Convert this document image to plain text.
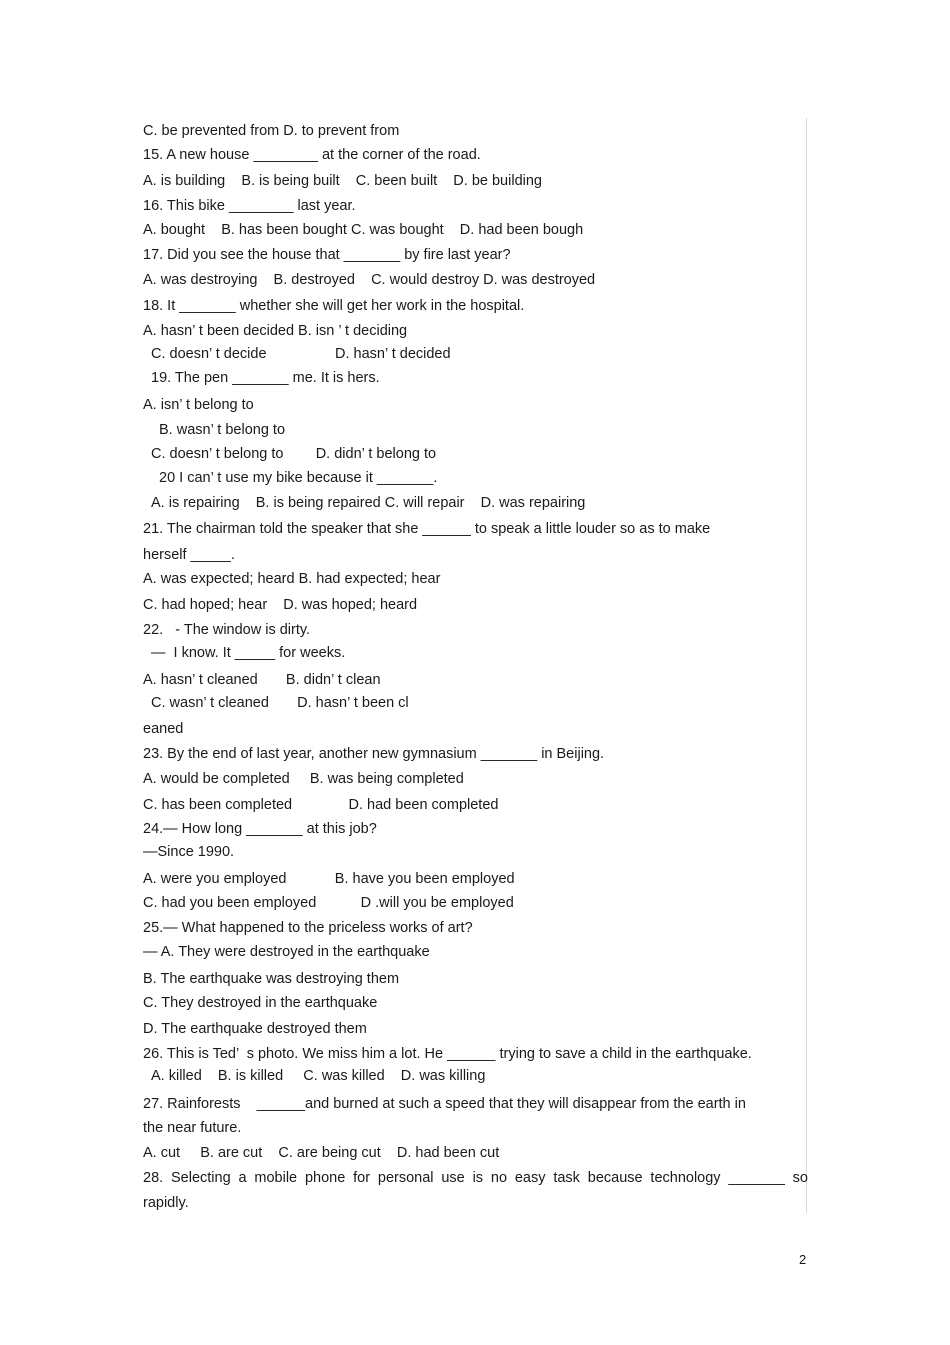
C. be prevented from D. to prevent from
15. A new house ________ at the corner of the road.
A. is building    B. is being built    C. been built    D. be building
16. This bike ________ last year.
A. bought    B. has been bought C. was bought    D. had been bough
17. Did you see the house that _______ by fire last year?
A. was destroying    B. destroyed    C. would destroy D. was destroyed
18. It _______ whether she will get her work in the hospital.
A. hasn’ t been decided B. isn ’ t deciding
C. doesn’ t decide                 D. hasn’ t decided
19. The pen _______ me. It is hers.
A. isn’ t belong to
B. wasn’ t belong to
C. doesn’ t belong to        D. didn’ t belong to
20 I can’ t use my bike because it _______.
A. is repairing    B. is being repaired C. will repair    D. was repairing
21. The chairman told the speaker that she ______ to speak a little louder so as to make
herself _____.
A. was expected; heard B. had expected; hear
C. had hoped; hear    D. was hoped; heard
22.   - The window is dirty.
—  I know. It _____ for weeks.
A. hasn’ t cleaned       B. didn’ t clean
C. wasn’ t cleaned       D. hasn’ t been cl
eaned
23. By the end of last year, another new gymnasium _______ in Beijing.
A. would be completed     B. was being completed
C. has been completed              D. had been completed
24.— How long _______ at this job?
—Since 1990.
A. were you employed            B. have you been employed
C. had you been employed           D .will you be employed
25.— What happened to the priceless works of art?
— A. They were destroyed in the earthquake
B. The earthquake was destroying them
C. They destroyed in the earthquake
D. The earthquake destroyed them
26. This is Ted’  s photo. We miss him a lot. He ______ trying to save a child in the earthquake.
A. killed    B. is killed     C. was killed    D. was killing
27. Rainforests    ______and burned at such a speed that they will disappear from the earth in
the near future.
A. cut     B. are cut    C. are being cut    D. had been cut
28. Selecting a mobile phone for personal use is no easy task because technology _______ so
rapidly.
2
